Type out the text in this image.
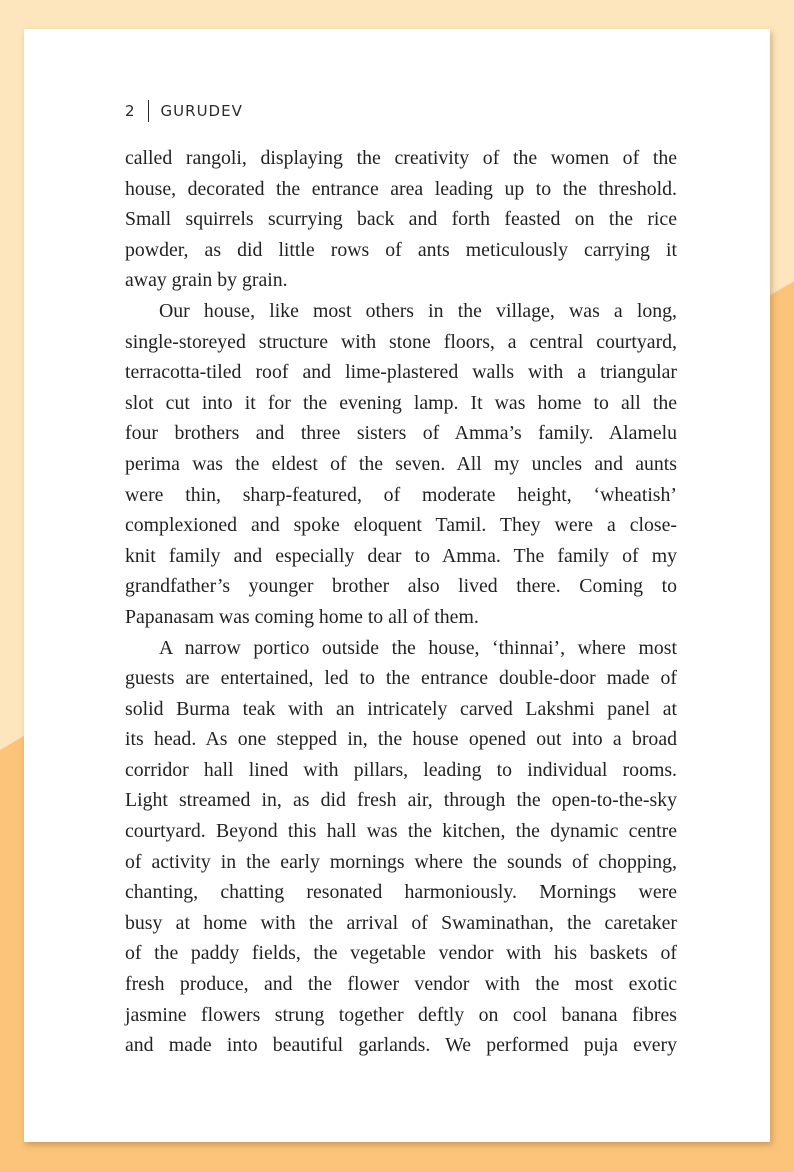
2 GURUDEV

called rangoli, displaying the creativity of the women of the
house, decorated the entrance area leading up to the threshold.
Small squirrels scurrying back and forth feasted on the rice
powder, as did little rows of ants meticulously carrying it
away grain by grain.

Our house, like most others in the village, was a long,
single-storeyed structure with stone floors, a central courtyard,
terracotta-tiled roof and lime-plastered walls with a triangular
slot cut into it for the evening lamp. It was home to all the
four brothers and three sisters of Amma’s family. Alamelu
perima was the eldest of the seven. All my uncles and aunts
were thin, sharp-featured, of moderate height, ‘wheatish’
complexioned and spoke eloquent Tamil. They were a close-
knit family and especially dear to Amma. The family of my
grandfather’s younger brother also lived there. Coming to
Papanasam was coming home to all of them.

A narrow portico outside the house, ‘thinnai’, where most
guests are entertained, led to the entrance double-door made of
solid Burma teak with an intricately carved Lakshmi panel at
its head. As one stepped in, the house opened out into a broad
corridor hall lined with pillars, leading to individual rooms.
Light streamed in, as did fresh air, through the open-to-the-sky
courtyard. Beyond this hall was the kitchen, the dynamic centre
of activity in the early mornings where the sounds of chopping,
chanting, chatting resonated harmoniously. Mornings were
busy at home with the arrival of Swaminathan, the caretaker
of the paddy fields, the vegetable vendor with his baskets of
fresh produce, and the flower vendor with the most exotic
jasmine flowers strung together deftly on cool banana fibres
and made into beautiful garlands. We performed puja every
